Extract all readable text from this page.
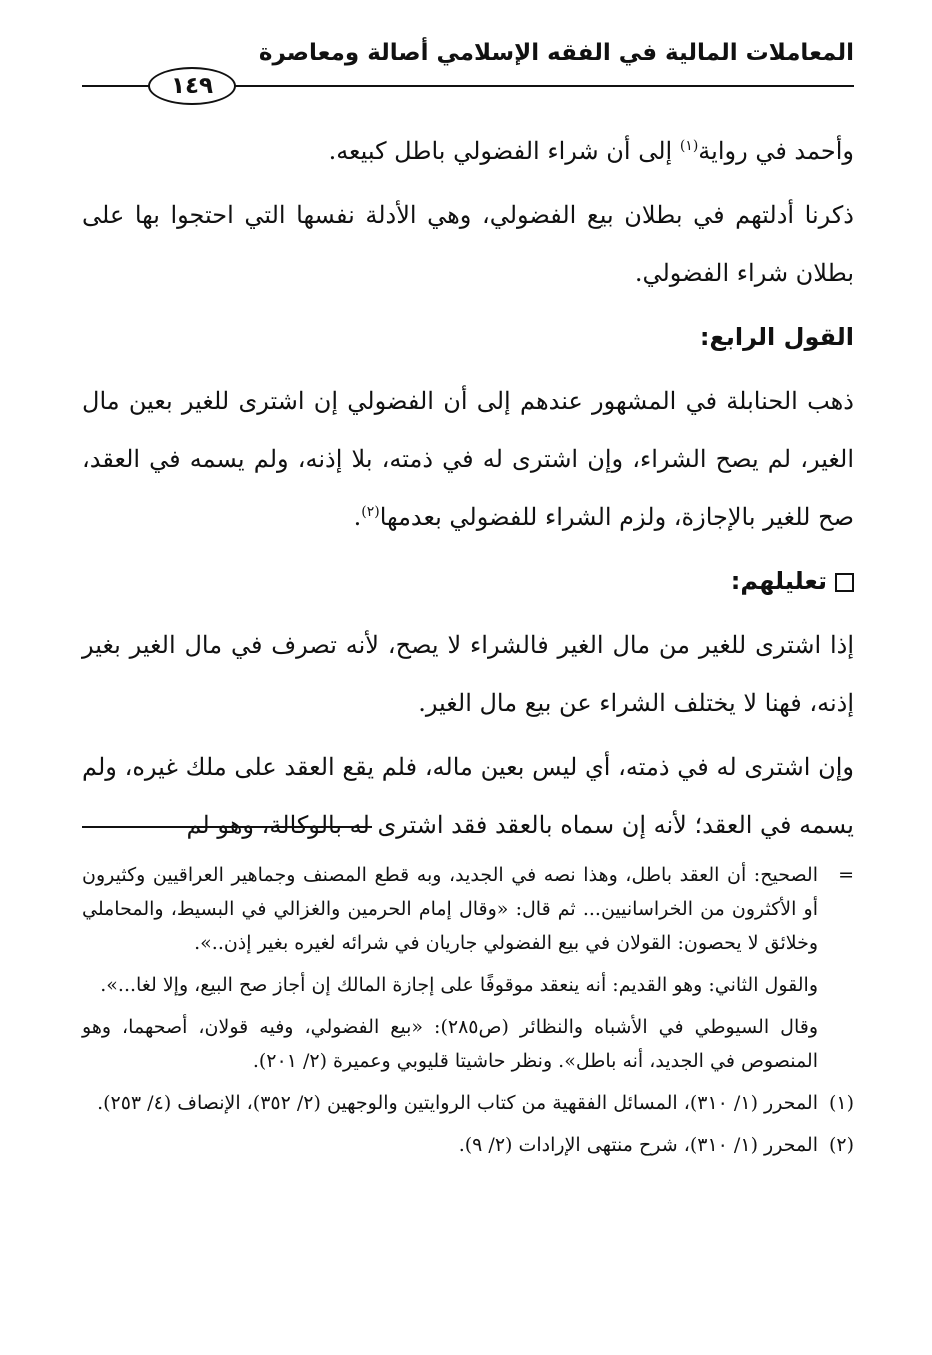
المعاملات المالية في الفقه الإسلامي أصالة ومعاصرة
١٤٩

وأحمد في رواية$^{(١)}$ إلى أن شراء الفضولي باطل كبيعه.

ذكرنا أدلتهم في بطلان بيع الفضولي، وهي الأدلة نفسها التي احتجوا بها على بطلان شراء الفضولي.

القول الرابع:

ذهب الحنابلة في المشهور عندهم إلى أن الفضولي إن اشترى للغير بعين مال الغير، لم يصح الشراء، وإن اشترى له في ذمته، بلا إذنه، ولم يسمه في العقد، صح للغير بالإجازة، ولزم الشراء للفضولي بعدمها$^{(٢)}$.

تعليلهم:

إذا اشترى للغير من مال الغير فالشراء لا يصح، لأنه تصرف في مال الغير بغير إذنه، فهنا لا يختلف الشراء عن بيع مال الغير.

وإن اشترى له في ذمته، أي ليس بعين ماله، فلم يقع العقد على ملك غيره، ولم يسمه في العقد؛ لأنه إن سماه بالعقد فقد اشترى له بالوكالة، وهو لم

=
الصحيح: أن العقد باطل، وهذا نصه في الجديد، وبه قطع المصنف وجماهير العراقيين وكثيرون أو الأكثرون من الخراسانيين... ثم قال: «وقال إمام الحرمين والغزالي في البسيط، والمحاملي وخلائق لا يحصون: القولان في بيع الفضولي جاريان في شرائه لغيره بغير إذن..».

والقول الثاني: وهو القديم: أنه ينعقد موقوفًا على إجازة المالك إن أجاز صح البيع، وإلا لغا...».

وقال السيوطي في الأشباه والنظائر (ص٢٨٥): «بيع الفضولي، وفيه قولان، أصحهما، وهو المنصوص في الجديد، أنه باطل». ونظر حاشيتا قليوبي وعميرة (٢/ ٢٠١).

(١)
المحرر (١/ ٣١٠)، المسائل الفقهية من كتاب الروايتين والوجهين (٢/ ٣٥٢)، الإنصاف (٤/ ٢٥٣).

(٢)
المحرر (١/ ٣١٠)، شرح منتهى الإرادات (٢/ ٩).
